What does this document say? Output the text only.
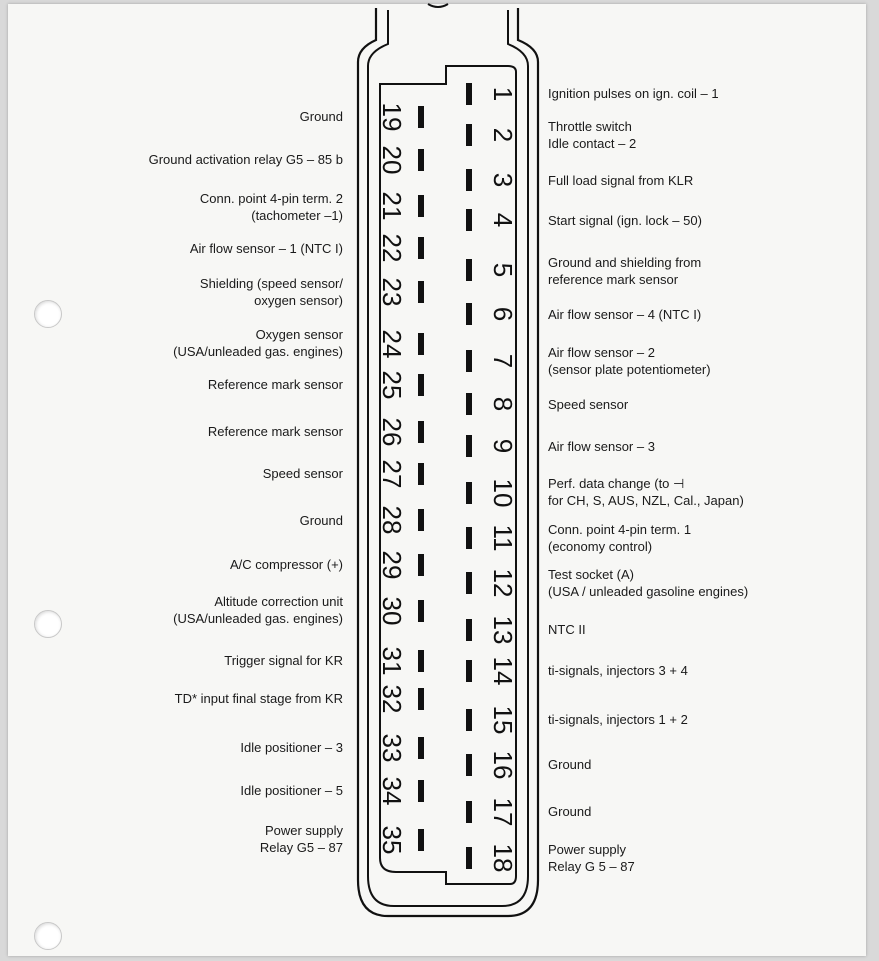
19
20
21
22
23
24
25
26
27
28
29
30
31
32
33
34
35
1
2
3
4
5
6
7
8
9
10
11
12
13
14
15
16
17
18
Ground
Ground activation relay G5 – 85 b
Conn. point 4-pin term. 2
(tachometer –1)
Air flow sensor – 1 (NTC I)
Shielding (speed sensor/
oxygen sensor)
Oxygen sensor
(USA/unleaded gas. engines)
Reference mark sensor
Reference mark sensor
Speed sensor
Ground
A/C compressor (+)
Altitude correction unit
(USA/unleaded gas. engines)
Trigger signal for KR
TD* input final stage from KR
Idle positioner – 3
Idle positioner – 5
Power supply
Relay G5 – 87
Ignition pulses on ign. coil – 1
Throttle switch
Idle contact – 2
Full load signal from KLR
Start signal (ign. lock – 50)
Ground and shielding from
reference mark sensor
Air flow sensor – 4 (NTC I)
Air flow sensor – 2
(sensor plate potentiometer)
Speed sensor
Air flow sensor – 3
Perf. data change (to ⊣
for CH, S, AUS, NZL, Cal., Japan)
Conn. point 4-pin term. 1
(economy control)
Test socket (A)
(USA / unleaded gasoline engines)
NTC II
ti-signals, injectors 3 + 4
ti-signals, injectors 1 + 2
Ground
Ground
Power supply
Relay G 5 – 87
